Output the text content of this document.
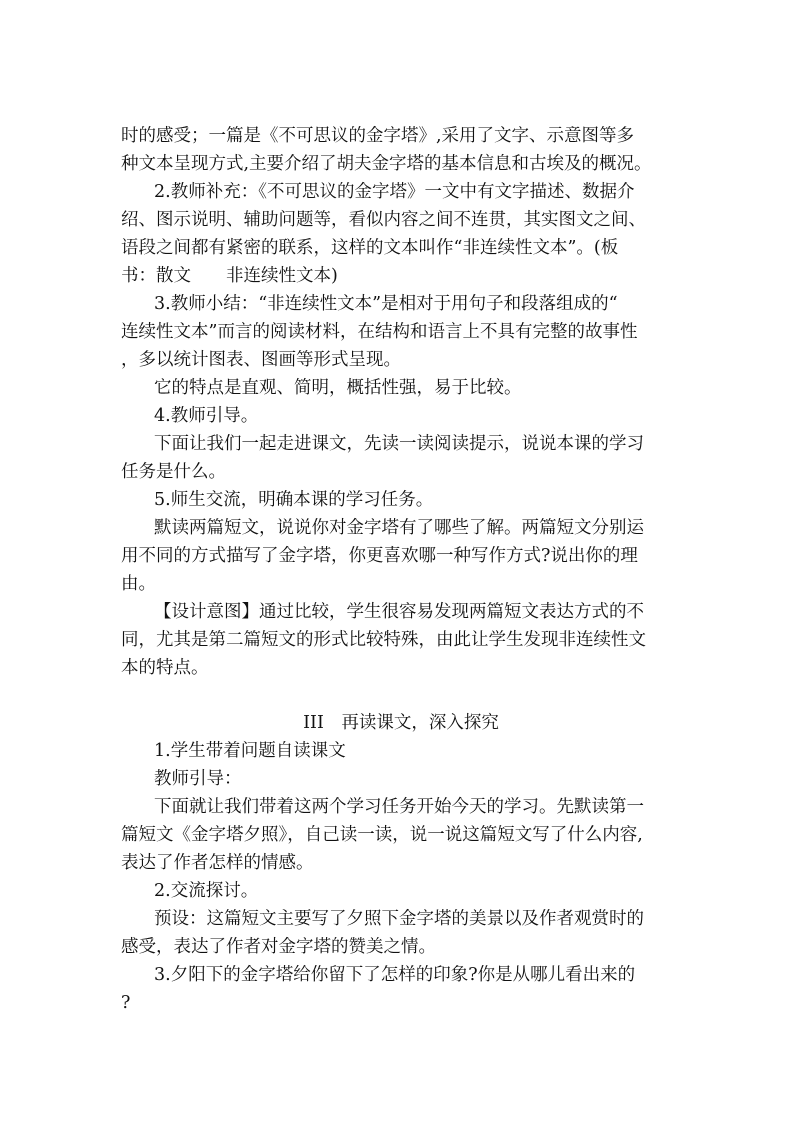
时的感受；一篇是《不可思议的金字塔》,采用了文字、示意图等多
种文本呈现方式,主要介绍了胡夫金字塔的基本信息和古埃及的概况。
2.教师补充：《不可思议的金字塔》一文中有文字描述、数据介
绍、图示说明、辅助问题等，看似内容之间不连贯，其实图文之间、
语段之间都有紧密的联系，这样的文本叫作“非连续性文本”。(板
书：散文　　非连续性文本)
3.教师小结：“非连续性文本”是相对于用句子和段落组成的“
连续性文本”而言的阅读材料，在结构和语言上不具有完整的故事性
，多以统计图表、图画等形式呈现。
它的特点是直观、简明，概括性强，易于比较。
4.教师引导。
下面让我们一起走进课文，先读一读阅读提示，说说本课的学习
任务是什么。
5.师生交流，明确本课的学习任务。
默读两篇短文，说说你对金字塔有了哪些了解。两篇短文分别运
用不同的方式描写了金字塔，你更喜欢哪一种写作方式?说出你的理
由。
【设计意图】通过比较，学生很容易发现两篇短文表达方式的不
同，尤其是第二篇短文的形式比较特殊，由此让学生发现非连续性文
本的特点。
III　再读课文，深入探究
1.学生带着问题自读课文
教师引导：
下面就让我们带着这两个学习任务开始今天的学习。先默读第一
篇短文《金字塔夕照》，自己读一读，说一说这篇短文写了什么内容,
表达了作者怎样的情感。
2.交流探讨。
预设：这篇短文主要写了夕照下金字塔的美景以及作者观赏时的
感受，表达了作者对金字塔的赞美之情。
3.夕阳下的金字塔给你留下了怎样的印象?你是从哪儿看出来的
?
